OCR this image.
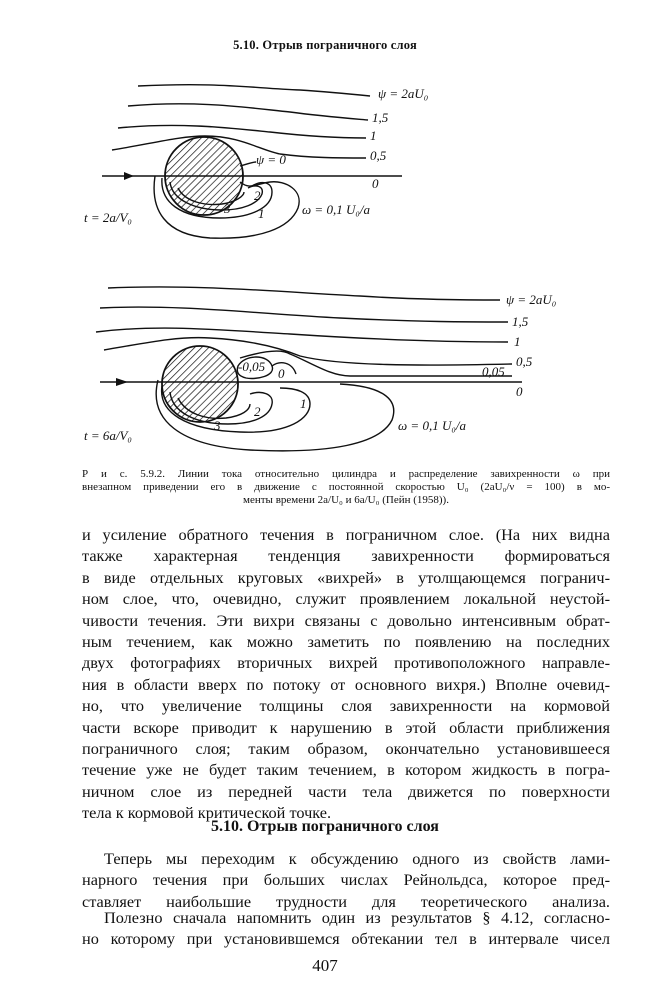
5.10. Отрыв пограничного слоя
ψ = 2aU₀
1,5
1
0,5
0
ψ = 0
3
2
1	ω = 0,1 U₀/a
t = 2a/V₀
ψ = 2aU₀
1,5
1
0,5
0,05
0
-0,05 0
3
2
1
ω = 0,1 U₀/a
t = 6a/V₀
Р и с. 5.9.2. Линии тока относительно цилиндра и распределение завихренности ω при
внезапном приведении его в движение с постоянной скоростью U₀ (2aU₀/ν = 100) в мо-
менты времени 2a/U₀ и 6a/U₀ (Пейн (1958)).
и усиление обратного течения в пограничном слое. (На них видна
также характерная тенденция завихренности формироваться
в виде отдельных круговых «вихрей» в утолщающемся погранич-
ном слое, что, очевидно, служит проявлением локальной неустой-
чивости течения. Эти вихри связаны с довольно интенсивным обрат-
ным течением, как можно заметить по появлению на последних
двух фотографиях вторичных вихрей противоположного направле-
ния в области вверх по потоку от основного вихря.) Вполне очевид-
но, что увеличение толщины слоя завихренности на кормовой
части вскоре приводит к нарушению в этой области приближения
пограничного слоя; таким образом, окончательно установившееся
течение уже не будет таким течением, в котором жидкость в погра-
ничном слое из передней части тела движется по поверхности
тела к кормовой критической точке.
5.10. Отрыв пограничного слоя
Теперь мы переходим к обсуждению одного из свойств лами-
нарного течения при больших числах Рейнольдса, которое пред-
ставляет наибольшие трудности для теоретического анализа.
Полезно сначала напомнить один из результатов § 4.12, согласно-
но которому при установившемся обтекании тел в интервале чисел
407
